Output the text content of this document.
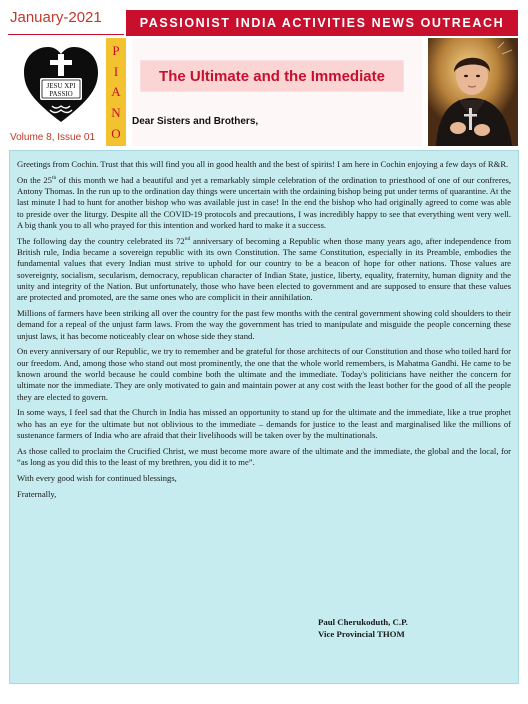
January-2021	PASSIONIST INDIA ACTIVITIES NEWS OUTREACH
JESU XPI
PASSIO
Volume 8, Issue 01
P
I
A
N
O
The Ultimate and the Immediate
Dear Sisters and Brothers,

Greetings from Cochin. Trust that this will find you all in good health and the best of spirits! I am here in Cochin enjoying a few days of R&R.

On the 25th of this month we had a beautiful and yet a remarkably simple celebration of the ordination to priesthood of one of our confreres, Antony Thomas. In the run up to the ordination day things were uncertain with the ordaining bishop being put under terms of quarantine. At the last minute I had to hunt for another bishop who was available just in case! In the end the bishop who had originally agreed to come was able to preside over the liturgy. Despite all the COVID-19 protocols and precautions, I was incredibly happy to see that everything went very well. A big thank you to all who prayed for this intention and worked hard to make it a success.

The following day the country celebrated its 72nd anniversary of becoming a Republic when those many years ago, after independence from British rule, India became a sovereign republic with its own Constitution. The same Constitution, especially in its Preamble, embodies the fundamental values that every Indian must strive to uphold for our country to be a beacon of hope for other nations. Those values are sovereignty, socialism, secularism, democracy, republican character of Indian State, justice, liberty, equality, fraternity, human dignity and the unity and integrity of the Nation. But unfortunately, those who have been elected to government and are supposed to ensure that these values are protected and promoted, are the same ones who are complicit in their annihilation.

Millions of farmers have been striking all over the country for the past few months with the central government showing cold shoulders to their demand for a repeal of the unjust farm laws. From the way the government has tried to manipulate and misguide the people concerning these unjust laws, it has become noticeably clear on whose side they stand.

On every anniversary of our Republic, we try to remember and be grateful for those architects of our Constitution and those who toiled hard for our freedom. And, among those who stand out most prominently, the one that the whole world remembers, is Mahatma Gandhi. He came to be known around the world because he could combine both the ultimate and the immediate. Today's politicians have neither the concern for ultimate nor the immediate. They are only motivated to gain and maintain power at any cost with the least bother for the good of all the people they are elected to govern.

In some ways, I feel sad that the Church in India has missed an opportunity to stand up for the ultimate and the immediate, like a true prophet who has an eye for the ultimate but not oblivious to the immediate – demands for justice to the least and marginalised like the millions of sustenance farmers of India who are afraid that their livelihoods will be taken over by the multinationals.

As those called to proclaim the Crucified Christ, we must become more aware of the ultimate and the immediate, the global and the local, for “as long as you did this to the least of my brethren, you did it to me”.

With every good wish for continued blessings,

Fraternally,

Paul Cherukoduth, C.P.
Vice Provincial THOM
